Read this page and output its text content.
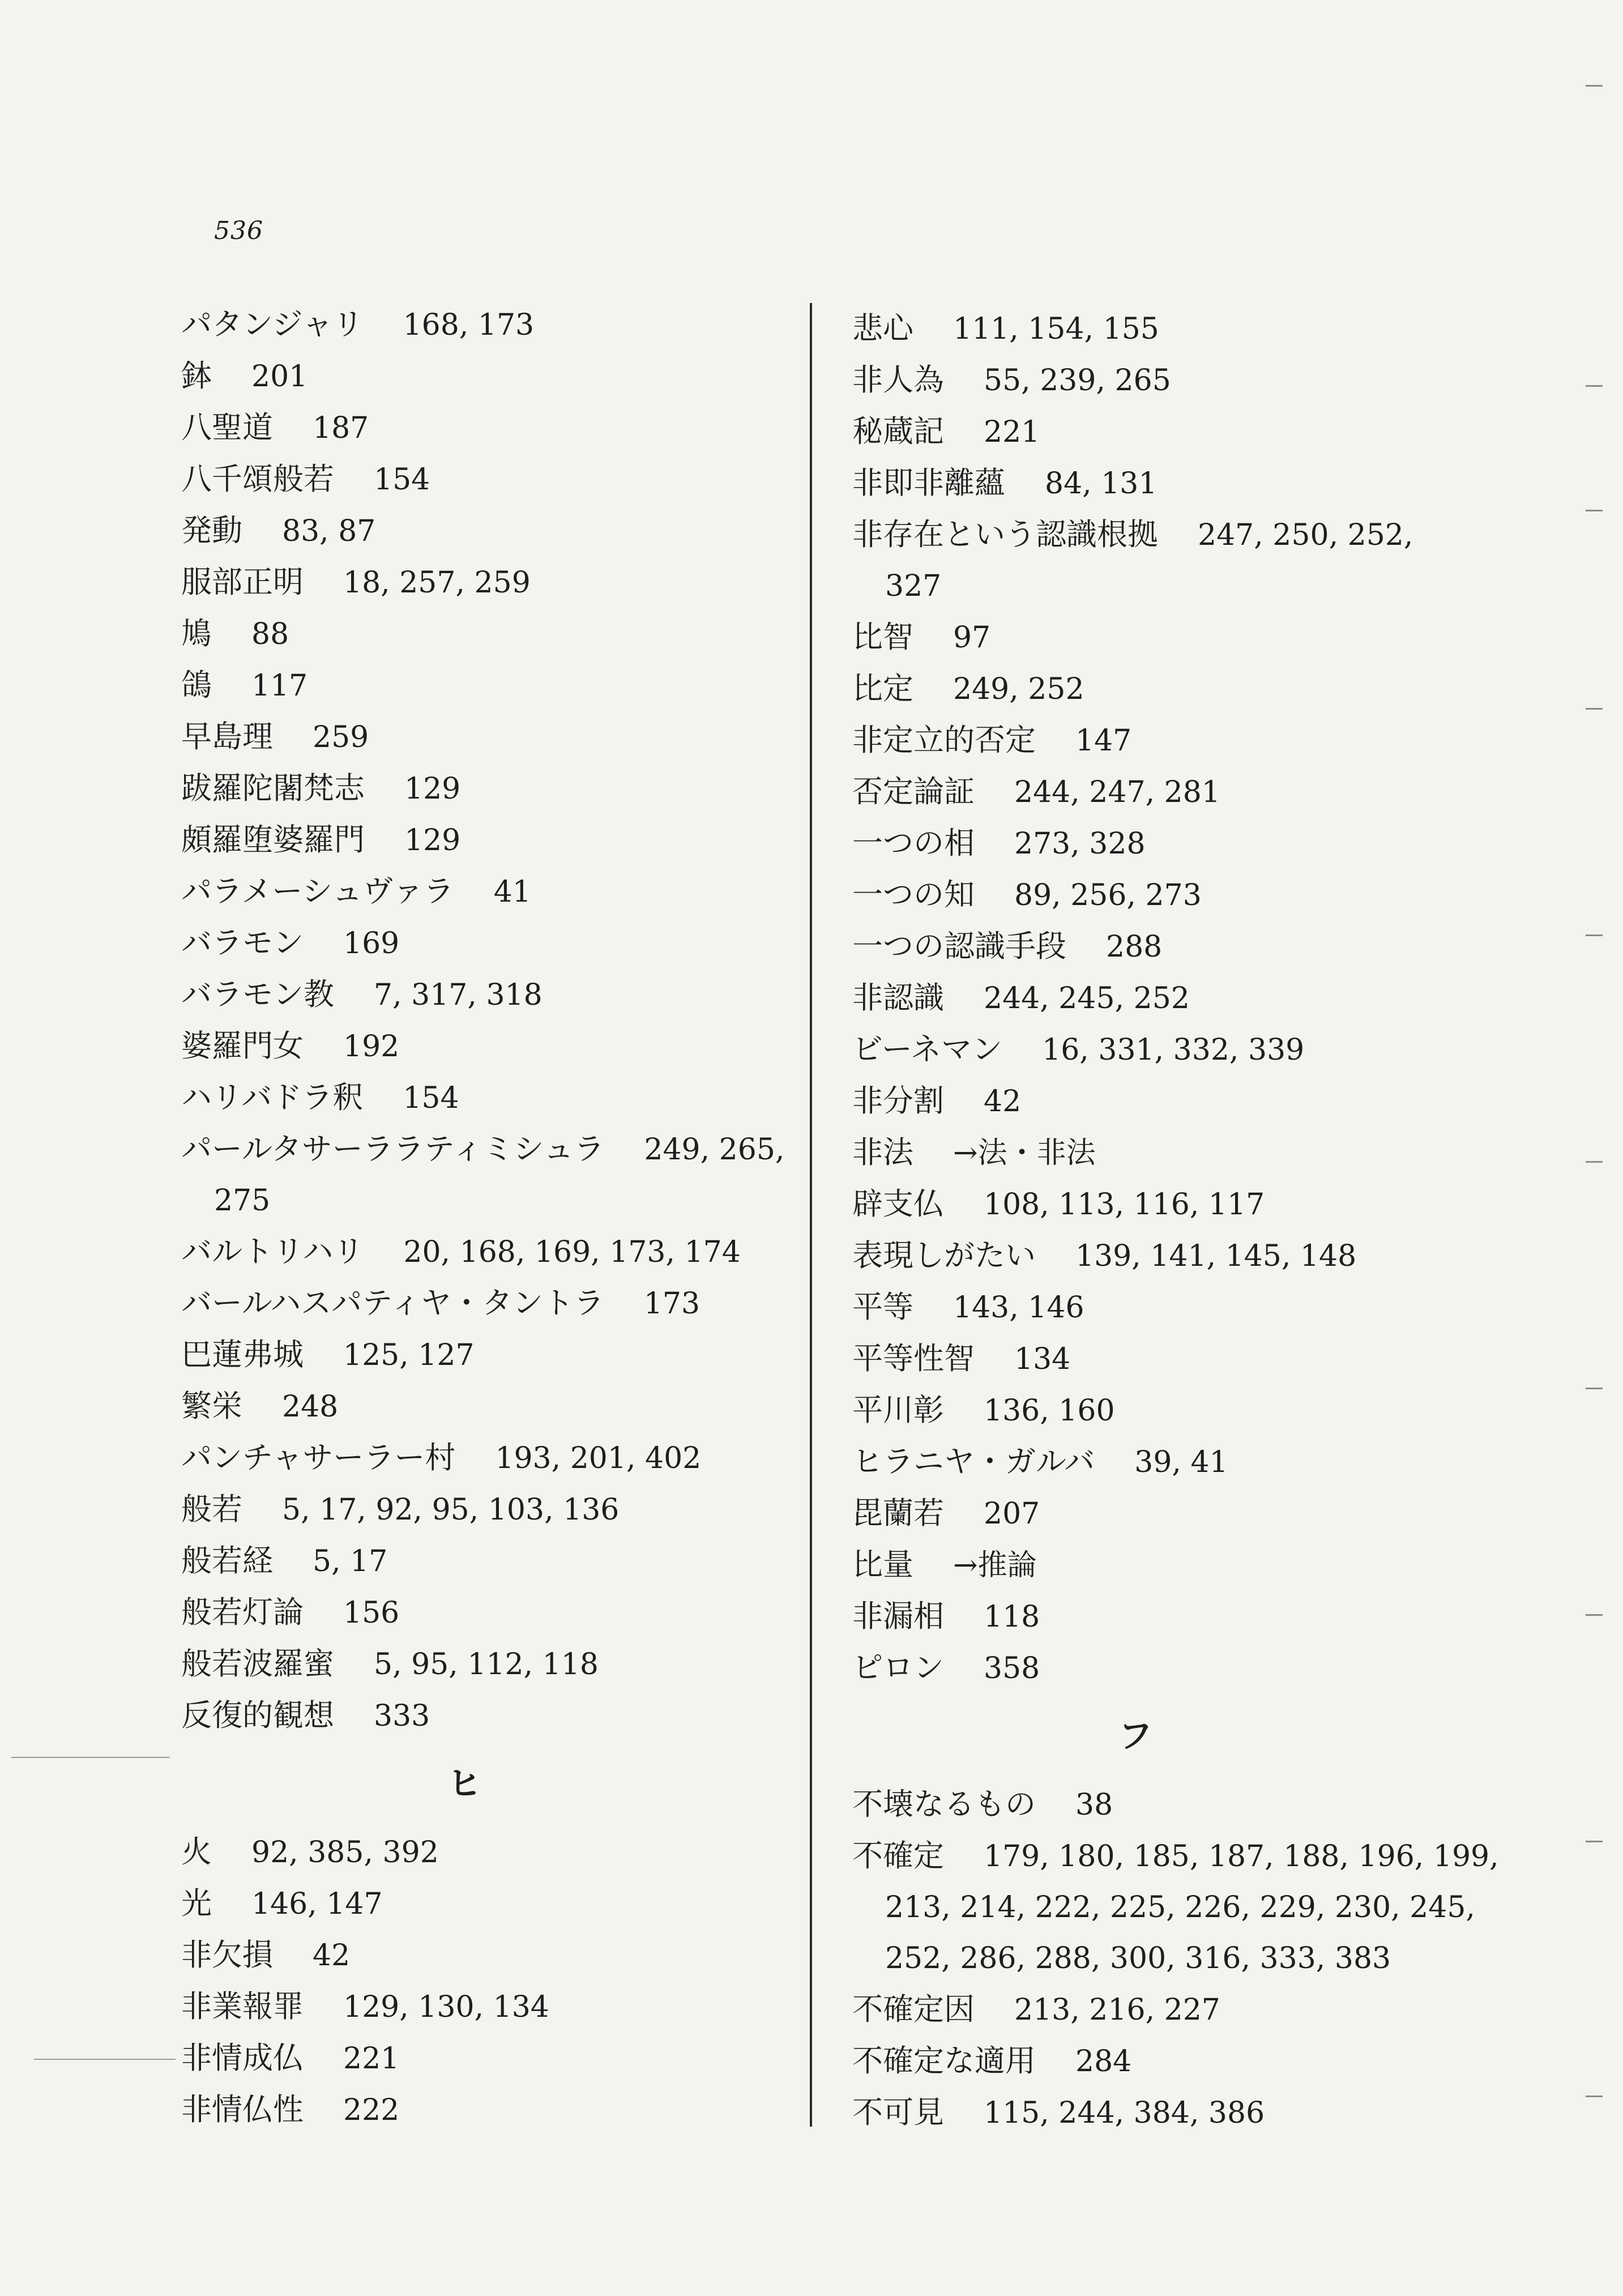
536
パタンジャリ 168, 173
鉢 201
八聖道 187
八千頌般若 154
発動 83, 87
服部正明 18, 257, 259
鳩 88
鴿 117
早島理 259
跋羅陀闍梵志 129
頗羅堕婆羅門 129
パラメーシュヴァラ 41
バラモン 169
バラモン教 7, 317, 318
婆羅門女 192
ハリバドラ釈 154
パールタサーララティミシュラ 249, 265,
275
バルトリハリ 20, 168, 169, 173, 174
バールハスパティヤ・タントラ 173
巴蓮弗城 125, 127
繁栄 248
パンチャサーラー村 193, 201, 402
般若 5, 17, 92, 95, 103, 136
般若経 5, 17
般若灯論 156
般若波羅蜜 5, 95, 112, 118
反復的観想 333
ヒ
火 92, 385, 392
光 146, 147
非欠損 42
非業報罪 129, 130, 134
非情成仏 221
非情仏性 222
悲心 111, 154, 155
非人為 55, 239, 265
秘蔵記 221
非即非離蘊 84, 131
非存在という認識根拠 247, 250, 252,
327
比智 97
比定 249, 252
非定立的否定 147
否定論証 244, 247, 281
一つの相 273, 328
一つの知 89, 256, 273
一つの認識手段 288
非認識 244, 245, 252
ビーネマン 16, 331, 332, 339
非分割 42
非法 →法・非法
辟支仏 108, 113, 116, 117
表現しがたい 139, 141, 145, 148
平等 143, 146
平等性智 134
平川彰 136, 160
ヒラニヤ・ガルバ 39, 41
毘蘭若 207
比量 →推論
非漏相 118
ピロン 358
フ
不壊なるもの 38
不確定 179, 180, 185, 187, 188, 196, 199,
213, 214, 222, 225, 226, 229, 230, 245,
252, 286, 288, 300, 316, 333, 383
不確定因 213, 216, 227
不確定な適用 284
不可見 115, 244, 384, 386
